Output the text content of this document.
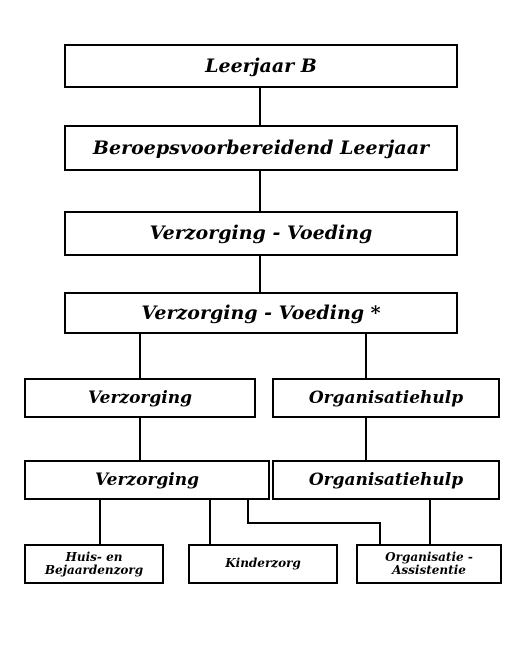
Leerjaar B
Beroepsvoorbereidend Leerjaar
Verzorging - Voeding
Verzorging - Voeding *
Verzorging	Organisatiehulp
Verzorging	Organisatiehulp
Huis- en
Bejaardenzorg	Kinderzorg	Organisatie -
Assistentie
